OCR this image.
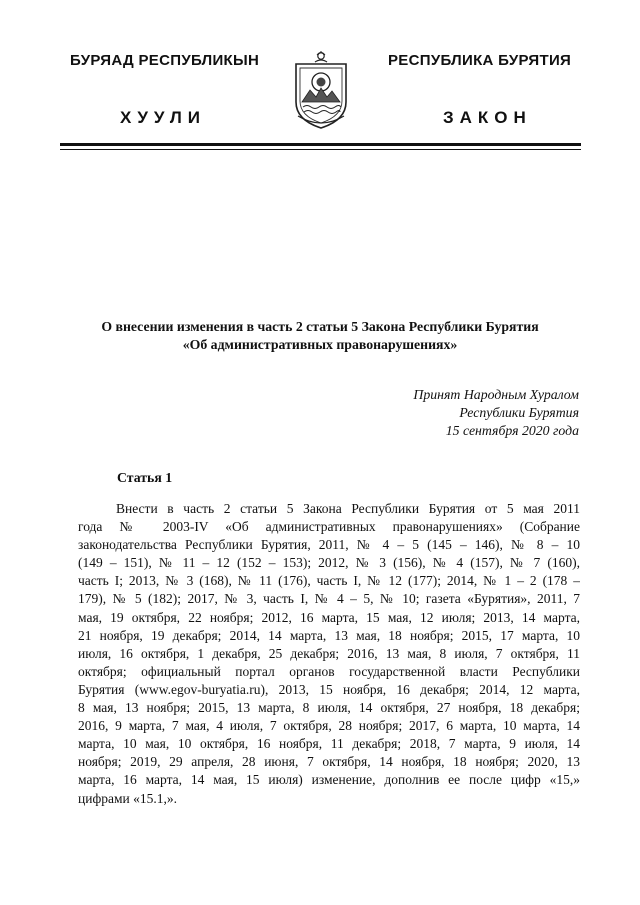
БУРЯАД РЕСПУБЛИКЫН	РЕСПУБЛИКА БУРЯТИЯ
ХУУЛИ	ЗАКОН
О внесении изменения в часть 2 статьи 5 Закона Республики Бурятия
«Об административных правонарушениях»
Принят Народным Хуралом
Республики Бурятия
15 сентября 2020 года
Статья 1
Внести в часть 2 статьи 5 Закона Республики Бурятия от 5 мая 2011
года № 2003-IV «Об административных правонарушениях» (Собрание
законодательства Республики Бурятия, 2011, № 4 – 5 (145 – 146), № 8 – 10
(149 – 151), № 11 – 12 (152 – 153); 2012, № 3 (156), № 4 (157), № 7 (160),
часть I; 2013, № 3 (168), № 11 (176), часть I, № 12 (177); 2014, № 1 – 2 (178 –
179), № 5 (182); 2017, № 3, часть I, № 4 – 5, № 10; газета «Бурятия», 2011, 7
мая, 19 октября, 22 ноября; 2012, 16 марта, 15 мая, 12 июля; 2013, 14 марта,
21 ноября, 19 декабря; 2014, 14 марта, 13 мая, 18 ноября; 2015, 17 марта, 10
июля, 16 октября, 1 декабря, 25 декабря; 2016, 13 мая, 8 июля, 7 октября, 11
октября; официальный портал органов государственной власти Республики
Бурятия (www.egov-buryatia.ru), 2013, 15 ноября, 16 декабря; 2014, 12 марта,
8 мая, 13 ноября; 2015, 13 марта, 8 июля, 14 октября, 27 ноября, 18 декабря;
2016, 9 марта, 7 мая, 4 июля, 7 октября, 28 ноября; 2017, 6 марта, 10 марта, 14
марта, 10 мая, 10 октября, 16 ноября, 11 декабря; 2018, 7 марта, 9 июля, 14
ноября; 2019, 29 апреля, 28 июня, 7 октября, 14 ноября, 18 ноября; 2020, 13
марта, 16 марта, 14 мая, 15 июля) изменение, дополнив ее после цифр «15,»
цифрами «15.1,».
